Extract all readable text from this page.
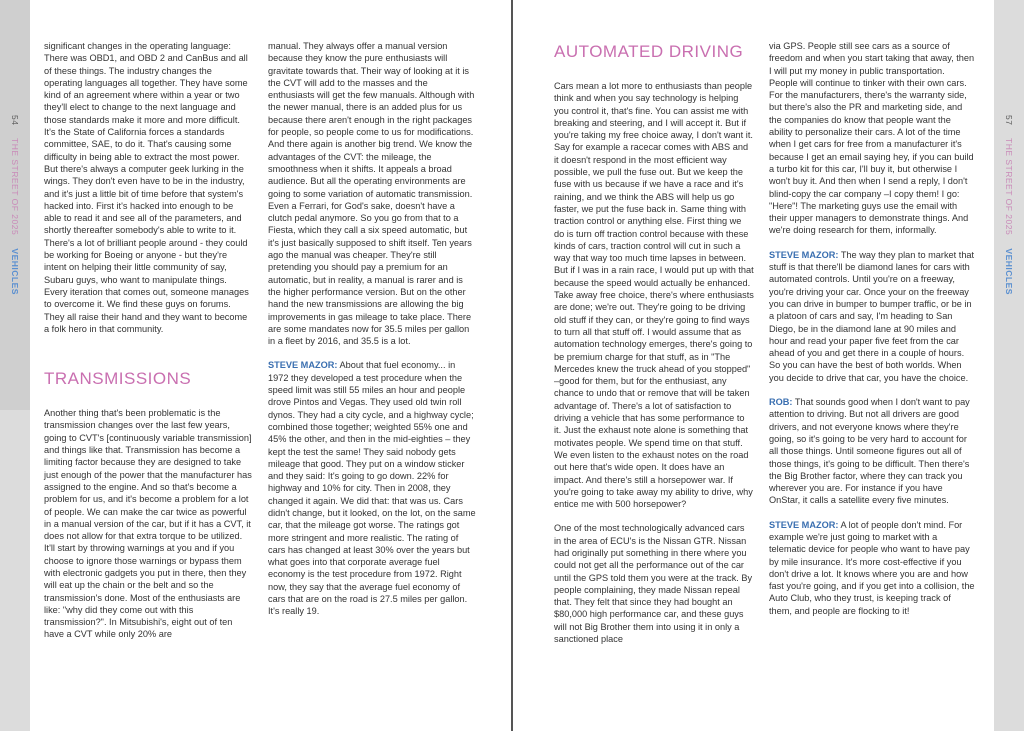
54 THE STREET OF 2025 VEHICLES
57 THE STREET OF 2025 VEHICLES

significant changes in the operating language: There was OBD1, and OBD 2 and CanBus and all of these things. The industry changes the operating languages all together. They have some kind of an agreement where within a year or two they'll elect to change to the next language and those standards make it more and more difficult. It's the State of California forces a standards committee, SAE, to do it. That's causing some difficulty in being able to extract the most power. But there's always a computer geek lurking in the wings. They don't even have to be in the industry, and it's just a little bit of time before that system's hacked into. First it's hacked into enough to be able to read it and see all of the parameters, and shortly thereafter somebody's able to write to it. There's a lot of brilliant people around - they could be working for Boeing or anyone - but they're intent on helping their little community of say, Subaru guys, who want to manipulate things. Every iteration that comes out, someone manages to overcome it. We find these guys on forums. They all raise their hand and they want to become a folk hero in that community.

TRANSMISSIONS

Another thing that's been problematic is the transmission changes over the last few years, going to CVT's [continuously variable transmission] and things like that. Transmission has become a limiting factor because they are designed to take just enough of the power that the manufacturer has assigned to the engine. And so that's become a problem for us, and it's become a problem for a lot of people. We can make the car twice as powerful in a manual version of the car, but if it has a CVT, it does not allow for that extra torque to be utilized. It'll start by throwing warnings at you and if you choose to ignore those warnings or bypass them with electronic gadgets you put in there, then they will eat up the chain or the belt and so the transmission's done. Most of the enthusiasts are like: "why did they come out with this transmission?". In Mitsubishi's, eight out of ten have a CVT while only 20% are

manual. They always offer a manual version because they know the pure enthusiasts will gravitate towards that. Their way of looking at it is the CVT will add to the masses and the enthusiasts will get the few manuals. Although with the newer manual, there is an added plus for us because there aren't enough in the right packages for people, so people come to us for modifications. And there again is another big trend. We know the advantages of the CVT: the mileage, the smoothness when it shifts. It appeals a broad audience. But all the operating environments are going to some variation of automatic transmission. Even a Ferrari, for God's sake, doesn't have a clutch pedal anymore. So you go from that to a Fiesta, which they call a six speed automatic, but it's just basically supposed to shift itself. Ten years ago the manual was cheaper. They're still pretending you should pay a premium for an automatic, but in reality, a manual is rarer and is the higher performance version. But on the other hand the new transmissions are allowing the big improvements in gas mileage to take place. There are some mandates now for 35.5 miles per gallon in a fleet by 2016, and 35.5 is a lot.

STEVE MAZOR: About that fuel economy... in 1972 they developed a test procedure when the speed limit was still 55 miles an hour and people drove Pintos and Vegas. They used old twin roll dynos. They had a city cycle, and a highway cycle; combined those together; weighted 55% one and 45% the other, and then in the mid-eighties – they kept the test the same! They said nobody gets mileage that good. They put on a window sticker and they said: It's going to go down. 22% for highway and 10% for city. Then in 2008, they changed it again. We did that: that was us. Cars didn't change, but it looked, on the lot, on the same car, that the mileage got worse. The ratings got more stringent and more realistic. The rating of cars has changed at least 30% over the years but what goes into that corporate average fuel economy is the test procedure from 1972. Right now, they say that the average fuel economy of cars that are on the road is 27.5 miles per gallon. It's really 19.

AUTOMATED DRIVING

Cars mean a lot more to enthusiasts than people think and when you say technology is helping you control it, that's fine. You can assist me with breaking and steering, and I will accept it. But if you're taking my free choice away, I don't want it. Say for example a racecar comes with ABS and it doesn't respond in the most efficient way possible, we pull the fuse out. But we keep the fuse with us because if we have a race and it's raining, and we think the ABS will help us go faster, we put the fuse back in. Same thing with traction control or anything else. First thing we do is turn off traction control because with these kinds of cars, traction control will cut in such a way that way too much time lapses in between. But if I was in a rain race, I would put up with that because the speed would actually be enhanced. Take away free choice, there's where enthusiasts are done; we're out. They're going to be driving old stuff if they can, or they're going to find ways to turn all that stuff off. I would assume that as automation technology emerges, there's going to be premium charge for that stuff, as in "The Mercedes knew the truck ahead of you stopped" –good for them, but for the enthusiast, any chance to undo that or remove that will be taken advantage of. There's a lot of satisfaction to driving a vehicle that has some performance to it. Just the exhaust note alone is something that motivates people. We spend time on that stuff. We even listen to the exhaust notes on the road out here that's wide open. It does have an impact. And there's still a horsepower war. If you're going to take away my ability to drive, why entice me with 500 horsepower?

One of the most technologically advanced cars in the area of ECU's is the Nissan GTR. Nissan had originally put something in there where you could not get all the performance out of the car until the GPS told them you were at the track. By people complaining, they made Nissan repeal that. They felt that since they had bought an $80,000 high performance car, and these guys will not Big Brother them into using it in only a sanctioned place

via GPS. People still see cars as a source of freedom and when you start taking that away, then I will put my money in public transportation. People will continue to tinker with their own cars. For the manufacturers, there's the warranty side, but there's also the PR and marketing side, and the companies do know that people want the ability to personalize their cars. A lot of the time when I get cars for free from a manufacturer it's because I get an email saying hey, if you can build a turbo kit for this car, I'll buy it, but otherwise I won't buy it. And then when I send a reply, I don't blind-copy the car company –I copy them! I go: "Here"! The marketing guys use the email with their upper managers to demonstrate things. And we're doing research for them, informally.

STEVE MAZOR: The way they plan to market that stuff is that there'll be diamond lanes for cars with automated controls. Until you're on a freeway, you're driving your car. Once your on the freeway you can drive in bumper to bumper traffic, or be in a platoon of cars and say, I'm heading to San Diego, be in the diamond lane at 90 miles and hour and read your paper five feet from the car ahead of you and get there in a couple of hours. So you can have the best of both worlds. When you decide to drive that car, you have the choice.

ROB: That sounds good when I don't want to pay attention to driving. But not all drivers are good drivers, and not everyone knows where they're going, so it's going to be very hard to account for all those things. Until someone figures out all of those things, it's going to be difficult. Then there's the Big Brother factor, where they can track you wherever you are. For instance if you have OnStar, it calls a satellite every five minutes.

STEVE MAZOR: A lot of people don't mind. For example we're just going to market with a telematic device for people who want to have pay by mile insurance. It's more cost-effective if you don't drive a lot. It knows where you are and how fast you're going, and if you get into a collision, the Auto Club, who they trust, is keeping track of them, and people are flocking to it!
